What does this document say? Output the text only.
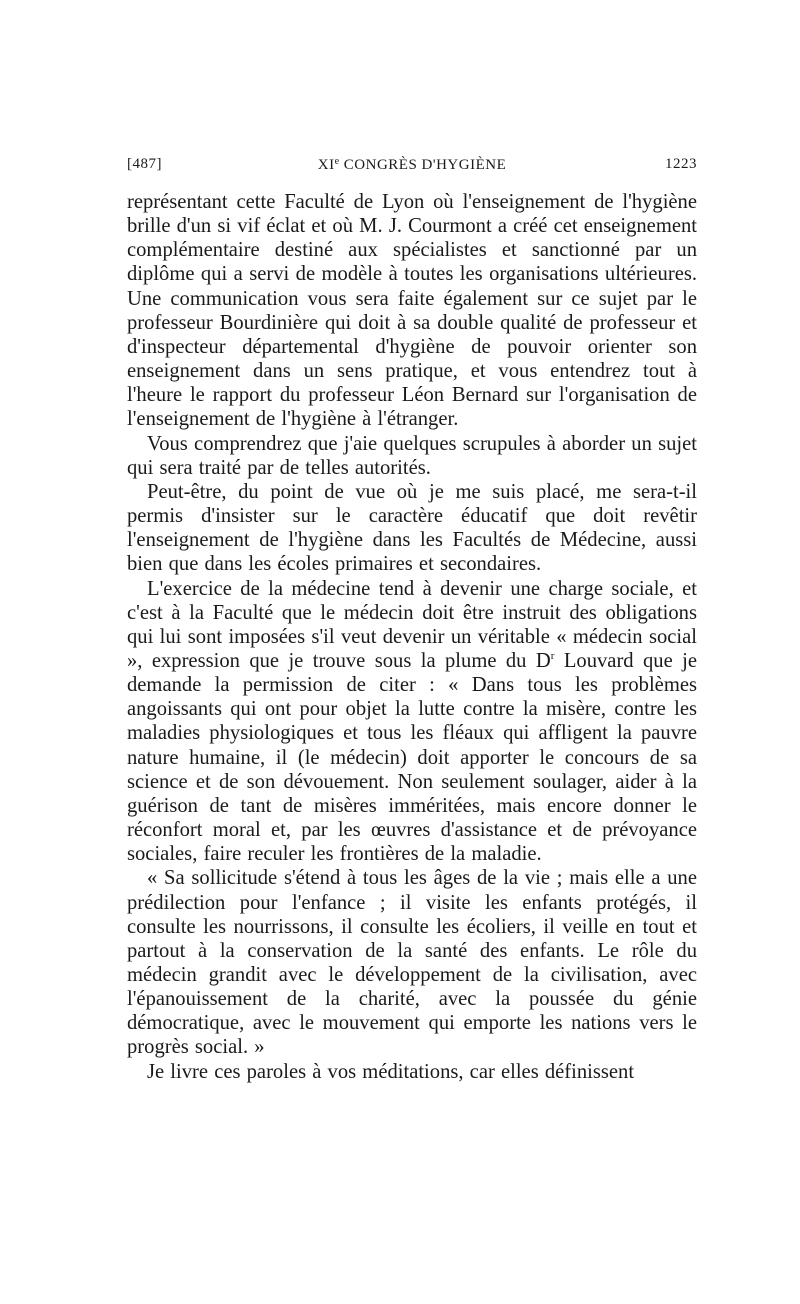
[487]	XIe CONGRÈS D'HYGIÈNE	1223

représentant cette Faculté de Lyon où l'enseignement de l'hygiène brille d'un si vif éclat et où M. J. Courmont a créé cet enseignement complémentaire destiné aux spécialistes et sanctionné par un diplôme qui a servi de modèle à toutes les organisations ultérieures. Une communication vous sera faite également sur ce sujet par le professeur Bourdinière qui doit à sa double qualité de professeur et d'inspecteur départemental d'hygiène de pouvoir orienter son enseignement dans un sens pratique, et vous entendrez tout à l'heure le rapport du professeur Léon Bernard sur l'organisation de l'enseignement de l'hygiène à l'étranger.

Vous comprendrez que j'aie quelques scrupules à aborder un sujet qui sera traité par de telles autorités.

Peut-être, du point de vue où je me suis placé, me sera-t-il permis d'insister sur le caractère éducatif que doit revêtir l'enseignement de l'hygiène dans les Facultés de Médecine, aussi bien que dans les écoles primaires et secondaires.

L'exercice de la médecine tend à devenir une charge sociale, et c'est à la Faculté que le médecin doit être instruit des obligations qui lui sont imposées s'il veut devenir un véritable « médecin social », expression que je trouve sous la plume du $D^r$ Louvard que je demande la permission de citer : « Dans tous les problèmes angoissants qui ont pour objet la lutte contre la misère, contre les maladies physiologiques et tous les fléaux qui affligent la pauvre nature humaine, il (le médecin) doit apporter le concours de sa science et de son dévouement. Non seulement soulager, aider à la guérison de tant de misères imméritées, mais encore donner le réconfort moral et, par les œuvres d'assistance et de prévoyance sociales, faire reculer les frontières de la maladie.

« Sa sollicitude s'étend à tous les âges de la vie ; mais elle a une prédilection pour l'enfance ; il visite les enfants protégés, il consulte les nourrissons, il consulte les écoliers, il veille en tout et partout à la conservation de la santé des enfants. Le rôle du médecin grandit avec le développement de la civilisation, avec l'épanouissement de la charité, avec la poussée du génie démocratique, avec le mouvement qui emporte les nations vers le progrès social. »

Je livre ces paroles à vos méditations, car elles définissent
